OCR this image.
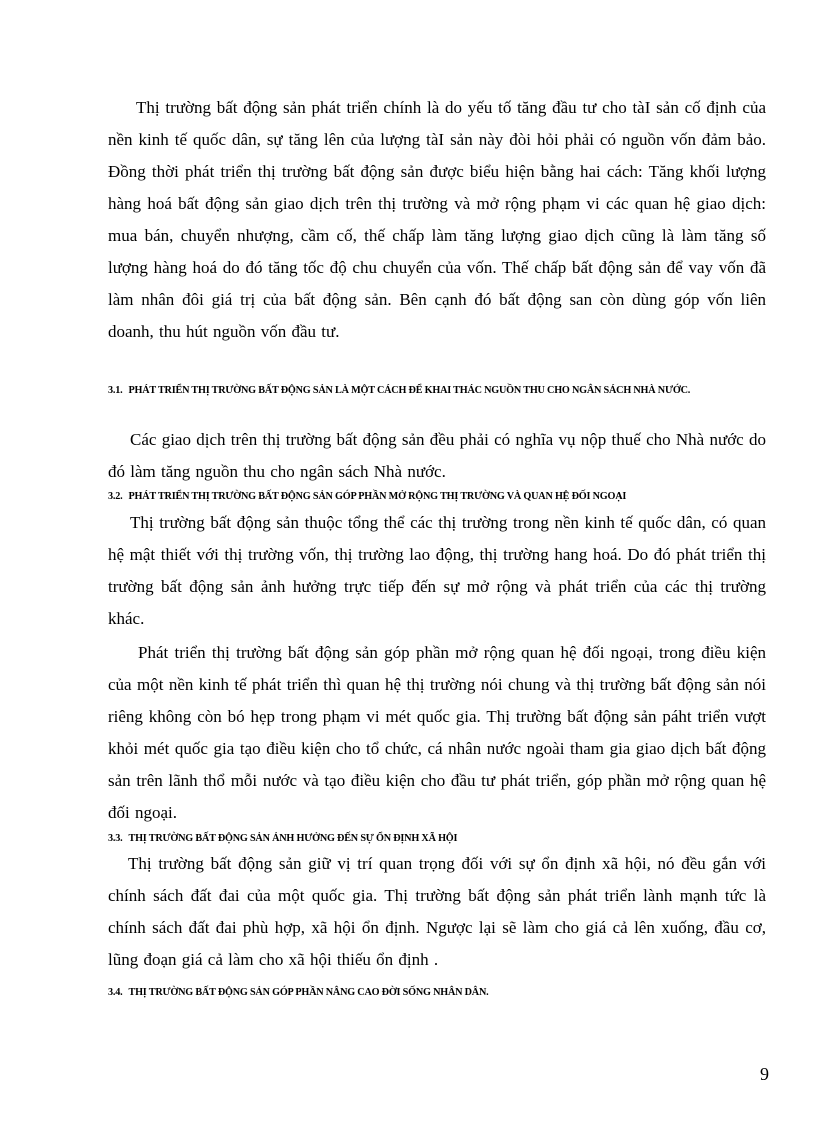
Thị trường bất động sản phát triển chính là do yếu tố tăng đầu tư cho tàI sản cố định của nền kinh tế quốc dân, sự tăng lên của lượng tàI sản này đòi hỏi phải có nguồn vốn đảm bảo. Đồng thời phát triển thị trường bất động sản được biểu hiện bằng hai cách: Tăng khối lượng hàng hoá bất động sản giao dịch trên thị trường và mở rộng phạm vi các quan hệ giao dịch: mua bán, chuyển nhượng, cầm cố, thế chấp làm tăng lượng giao dịch cũng là làm tăng số lượng hàng hoá do đó tăng tốc độ chu chuyển của vốn. Thế chấp bất động sản để vay vốn đã làm nhân đôi giá trị của bất động sản. Bên cạnh đó bất động san còn dùng góp vốn liên doanh, thu hút nguồn vốn đầu tư.

3.1. PHÁT TRIỂN THỊ TRƯỜNG BẤT ĐỘNG SẢN LÀ MỘT CÁCH ĐỂ KHAI THÁC NGUỒN THU CHO NGÂN SÁCH NHÀ NƯỚC.

Các giao dịch trên thị trường bất động sản đều phải có nghĩa vụ nộp thuế cho Nhà nước do đó làm tăng nguồn thu cho ngân sách Nhà nước.

3.2. PHÁT TRIỂN THỊ TRƯỜNG BẤT ĐỘNG SẢN GÓP PHẦN MỞ RỘNG THỊ TRƯỜNG VÀ QUAN HỆ ĐỐI NGOẠI

Thị trường bất động sản thuộc tổng thể các thị trường trong nền kinh tế quốc dân, có quan hệ mật thiết với thị trường vốn, thị trường lao động, thị trường hang hoá. Do đó phát triển thị trường bất động sản ảnh hưởng trực tiếp đến sự mở rộng và phát triển của các thị trường khác.

Phát triển thị trường bất động sản góp phần mở rộng quan hệ đối ngoại, trong điều kiện của một nền kinh tế phát triển thì quan hệ thị trường nói chung và thị trường bất động sản nói riêng không còn bó hẹp trong phạm vi mét quốc gia. Thị trường bất động sản páht triển vượt khỏi mét quốc gia tạo điều kiện cho tổ chức, cá nhân nước ngoài tham gia giao dịch bất động sản trên lãnh thổ mỗi nước và tạo điều kiện cho đầu tư phát triển, góp phần mở rộng quan hệ đối ngoại.

3.3. THỊ TRƯỜNG BẤT ĐỘNG SẢN ẢNH HƯỞNG ĐẾN SỰ ỔN ĐỊNH XÃ HỘI

Thị trường bất động sản giữ vị trí quan trọng đối với sự ổn định xã hội, nó đều gắn với chính sách đất đai của một quốc gia. Thị trường bất động sản phát triển lành mạnh tức là chính sách đất đai phù hợp, xã hội ổn định. Ngược lại sẽ làm cho giá cả lên xuống, đầu cơ, lũng đoạn giá cả làm cho xã hội thiếu ổn định .

3.4. THỊ TRƯỜNG BẤT ĐỘNG SẢN GÓP PHẦN NÂNG CAO ĐỜI SỐNG NHÂN DÂN.

9
